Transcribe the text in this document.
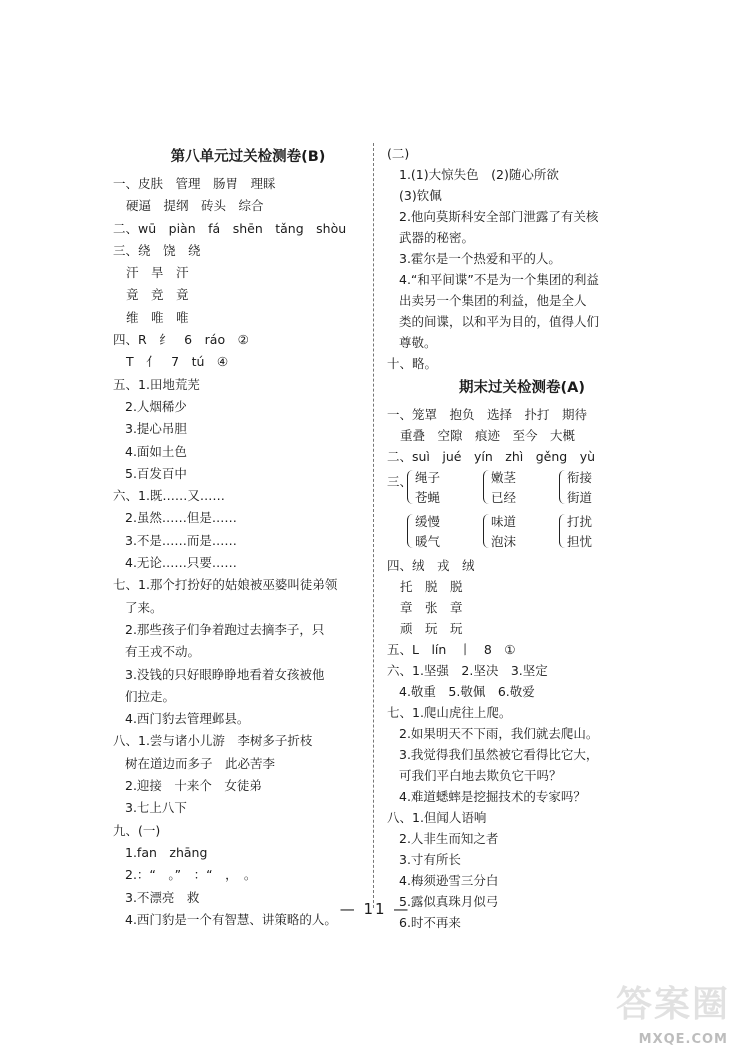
第八单元过关检测卷(B)
一、皮肤　管理　肠胃　理睬
硬逼　提纲　砖头　综合
二、wū　piàn　fá　shēn　tǎng　shòu
三、绕　饶　绕
汗　旱　汗
竟　竞　竟
维　唯　唯
四、R　纟　6　ráo　②
T　亻　7　tú　④
五、1.田地荒芜
2.人烟稀少
3.提心吊胆
4.面如土色
5.百发百中
六、1.既……又……
2.虽然……但是……
3.不是……而是……
4.无论……只要……
七、1.那个打扮好的姑娘被巫婆叫徒弟领
了来。
2.那些孩子们争着跑过去摘李子，只
有王戎不动。
3.没钱的只好眼睁睁地看着女孩被他
们拉走。
4.西门豹去管理邺县。
八、1.尝与诸小儿游　李树多子折枝
树在道边而多子　此必苦李
2.迎接　十来个　女徒弟
3.七上八下
九、(一)
1.fan　zhāng
2.：“　。”　：“　，　。
3.不漂亮　救
4.西门豹是一个有智慧、讲策略的人。
(二)
1.(1)大惊失色　(2)随心所欲
(3)钦佩
2.他向莫斯科安全部门泄露了有关核
武器的秘密。
3.霍尔是一个热爱和平的人。
4.“和平间谍”不是为一个集团的利益
出卖另一个集团的利益，他是全人
类的间谍，以和平为目的，值得人们
尊敬。
十、略。
期末过关检测卷(A)
一、笼罩　抱负　选择　扑打　期待
重叠　空隙　痕迹　至今　大概
二、suì　jué　yín　zhì　gěng　yù
三、 绳子
苍蝇
嫩茎
已经
衔接
街道
缓慢
暖气
味道
泡沫
打扰
担忧
四、绒　戎　绒
托　脱　脱
章　张　章
顽　玩　玩
五、L　lín　丨　8　①
六、1.坚强　2.坚决　3.坚定
4.敬重　5.敬佩　6.敬爱
七、1.爬山虎往上爬。
2.如果明天不下雨，我们就去爬山。
3.我觉得我们虽然被它看得比它大，
可我们平白地去欺负它干吗？
4.难道蟋蟀是挖掘技术的专家吗？
八、1.但闻人语响
2.人非生而知之者
3.寸有所长
4.梅须逊雪三分白
5.露似真珠月似弓
6.时不再来
— 11 —
答案圈
MXQE.COM
